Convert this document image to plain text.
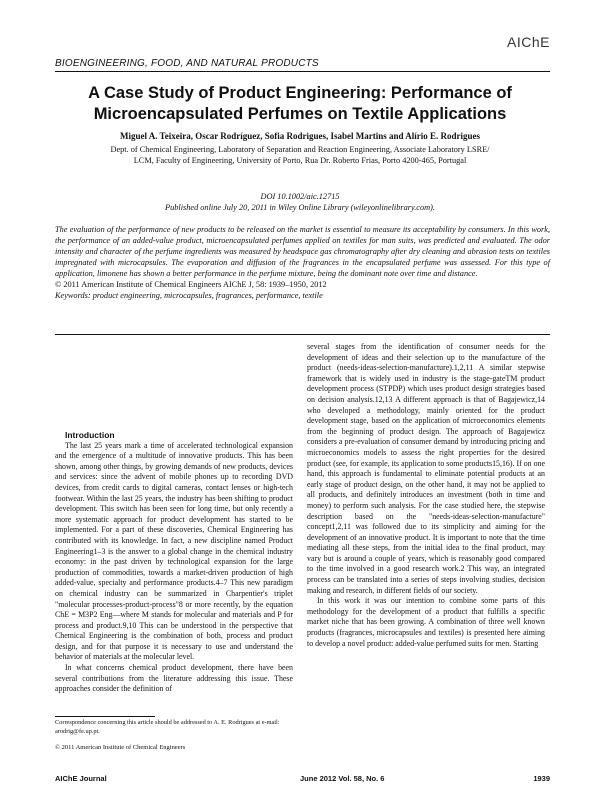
AIChE
BIOENGINEERING, FOOD, AND NATURAL PRODUCTS
A Case Study of Product Engineering: Performance of
Microencapsulated Perfumes on Textile Applications
Miguel A. Teixeira, Oscar Rodríguez, Sofia Rodrigues, Isabel Martins and Alírio E. Rodrigues
Dept. of Chemical Engineering, Laboratory of Separation and Reaction Engineering, Associate Laboratory LSRE/
LCM, Faculty of Engineering, University of Porto, Rua Dr. Roberto Frias, Porto 4200-465, Portugal
DOI 10.1002/aic.12715
Published online July 20, 2011 in Wiley Online Library (wileyonlinelibrary.com).
The evaluation of the performance of new products to be released on the market is essential to measure its acceptability by consumers. In this work, the performance of an added-value product, microencapsulated perfumes applied on textiles for man suits, was predicted and evaluated. The odor intensity and character of the perfume ingredients was measured by headspace gas chromatography after dry cleaning and abrasion tests on textiles impregnated with microcapsules. The evaporation and diffusion of the fragrances in the encapsulated perfume was assessed. For this type of application, limonene has shown a better performance in the perfume mixture, being the dominant note over time and distance.
© 2011 American Institute of Chemical Engineers AIChE J, 58: 1939–1950, 2012
Keywords: product engineering, microcapsules, fragrances, performance, textile

Introduction

The last 25 years mark a time of accelerated technological expansion and the emergence of a multitude of innovative products. This has been shown, among other things, by growing demands of new products, devices and services: since the advent of mobile phones up to recording DVD devices, from credit cards to digital cameras, contact lenses or high-tech footwear. Within the last 25 years, the industry has been shifting to product development. This switch has been seen for long time, but only recently a more systematic approach for product development has started to be implemented. For a part of these discoveries, Chemical Engineering has contributed with its knowledge. In fact, a new discipline named Product Engineering1–3 is the answer to a global change in the chemical industry economy: in the past driven by technological expansion for the large production of commodities, towards a market-driven production of high added-value, specialty and performance products.4–7 This new paradigm on chemical industry can be summarized in Charpentier's triplet "molecular processes-product-process"8 or more recently, by the equation ChE = M3P2 Eng—where M stands for molecular and materials and P for process and product.9,10 This can be understood in the perspective that Chemical Engineering is the combination of both, process and product design, and for that purpose it is necessary to use and understand the behavior of materials at the molecular level.

In what concerns chemical product development, there have been several contributions from the literature addressing this issue. These approaches consider the definition of

several stages from the identification of consumer needs for the development of ideas and their selection up to the manufacture of the product (needs-ideas-selection-manufacture).1,2,11 A similar stepwise framework that is widely used in industry is the stage-gateTM product development process (STPDP) which uses product design strategies based on decision analysis.12,13 A different approach is that of Bagajewicz,14 who developed a methodology, mainly oriented for the product development stage, based on the application of microeconomics elements from the beginning of product design. The approach of Bagajewicz considers a pre-evaluation of consumer demand by introducing pricing and microeconomics models to assess the right properties for the desired product (see, for example, its application to some products15,16). If on one hand, this approach is fundamental to eliminate potential products at an early stage of product design, on the other hand, it may not be applied to all products, and definitely introduces an investment (both in time and money) to perform such analysis. For the case studied here, the stepwise description based on the "needs-ideas-selection-manufacture" concept1,2,11 was followed due to its simplicity and aiming for the development of an innovative product. It is important to note that the time mediating all these steps, from the initial idea to the final product, may vary but is around a couple of years, which is reasonably good compared to the time involved in a good research work.2 This way, an integrated process can be translated into a series of steps involving studies, decision making and research, in different fields of our society.

In this work it was our intention to combine some parts of this methodology for the development of a product that fulfills a specific market niche that has been growing. A combination of three well known products (fragrances, microcapsules and textiles) is presented here aiming to develop a novel product: added-value perfumed suits for men. Starting

Correspondence concerning this article should be addressed to A. E. Rodrigues at e-mail: arodrig@fe.up.pt.
© 2011 American Institute of Chemical Engineers
AIChE Journal	June 2012 Vol. 58, No. 6	1939
